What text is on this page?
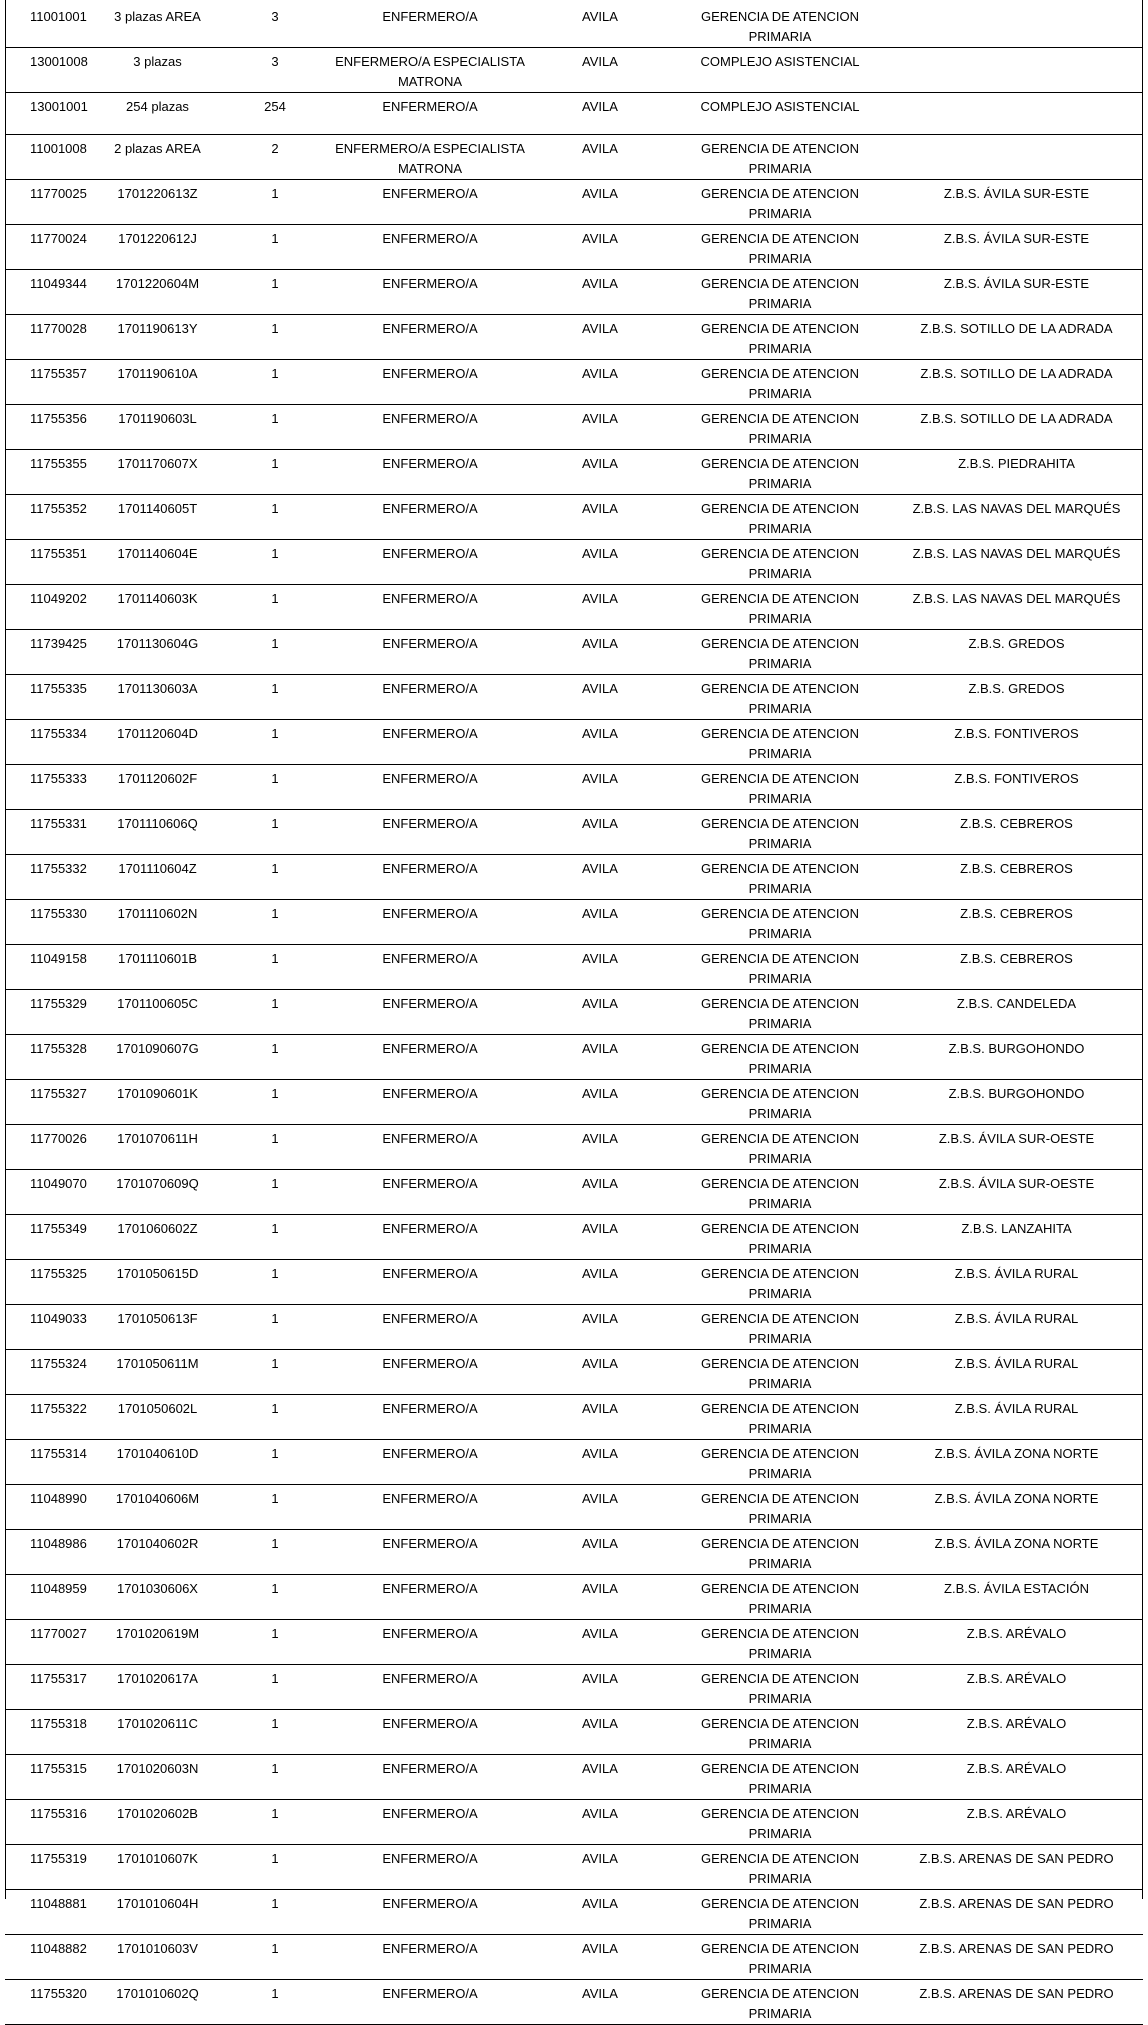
11001001	3 plazas AREA	3	ENFERMERO/A	AVILA	GERENCIA DE ATENCION PRIMARIA	
13001008	3 plazas	3	ENFERMERO/A ESPECIALISTA MATRONA	AVILA	COMPLEJO ASISTENCIAL	
13001001	254 plazas	254	ENFERMERO/A	AVILA	COMPLEJO ASISTENCIAL	
11001008	2 plazas AREA	2	ENFERMERO/A ESPECIALISTA MATRONA	AVILA	GERENCIA DE ATENCION PRIMARIA	
11770025	1701220613Z	1	ENFERMERO/A	AVILA	GERENCIA DE ATENCION PRIMARIA	Z.B.S. ÁVILA SUR-ESTE
11770024	1701220612J	1	ENFERMERO/A	AVILA	GERENCIA DE ATENCION PRIMARIA	Z.B.S. ÁVILA SUR-ESTE
11049344	1701220604M	1	ENFERMERO/A	AVILA	GERENCIA DE ATENCION PRIMARIA	Z.B.S. ÁVILA SUR-ESTE
11770028	1701190613Y	1	ENFERMERO/A	AVILA	GERENCIA DE ATENCION PRIMARIA	Z.B.S. SOTILLO DE LA ADRADA
11755357	1701190610A	1	ENFERMERO/A	AVILA	GERENCIA DE ATENCION PRIMARIA	Z.B.S. SOTILLO DE LA ADRADA
11755356	1701190603L	1	ENFERMERO/A	AVILA	GERENCIA DE ATENCION PRIMARIA	Z.B.S. SOTILLO DE LA ADRADA
11755355	1701170607X	1	ENFERMERO/A	AVILA	GERENCIA DE ATENCION PRIMARIA	Z.B.S. PIEDRAHITA
11755352	1701140605T	1	ENFERMERO/A	AVILA	GERENCIA DE ATENCION PRIMARIA	Z.B.S. LAS NAVAS DEL MARQUÉS
11755351	1701140604E	1	ENFERMERO/A	AVILA	GERENCIA DE ATENCION PRIMARIA	Z.B.S. LAS NAVAS DEL MARQUÉS
11049202	1701140603K	1	ENFERMERO/A	AVILA	GERENCIA DE ATENCION PRIMARIA	Z.B.S. LAS NAVAS DEL MARQUÉS
11739425	1701130604G	1	ENFERMERO/A	AVILA	GERENCIA DE ATENCION PRIMARIA	Z.B.S. GREDOS
11755335	1701130603A	1	ENFERMERO/A	AVILA	GERENCIA DE ATENCION PRIMARIA	Z.B.S. GREDOS
11755334	1701120604D	1	ENFERMERO/A	AVILA	GERENCIA DE ATENCION PRIMARIA	Z.B.S. FONTIVEROS
11755333	1701120602F	1	ENFERMERO/A	AVILA	GERENCIA DE ATENCION PRIMARIA	Z.B.S. FONTIVEROS
11755331	1701110606Q	1	ENFERMERO/A	AVILA	GERENCIA DE ATENCION PRIMARIA	Z.B.S. CEBREROS
11755332	1701110604Z	1	ENFERMERO/A	AVILA	GERENCIA DE ATENCION PRIMARIA	Z.B.S. CEBREROS
11755330	1701110602N	1	ENFERMERO/A	AVILA	GERENCIA DE ATENCION PRIMARIA	Z.B.S. CEBREROS
11049158	1701110601B	1	ENFERMERO/A	AVILA	GERENCIA DE ATENCION PRIMARIA	Z.B.S. CEBREROS
11755329	1701100605C	1	ENFERMERO/A	AVILA	GERENCIA DE ATENCION PRIMARIA	Z.B.S. CANDELEDA
11755328	1701090607G	1	ENFERMERO/A	AVILA	GERENCIA DE ATENCION PRIMARIA	Z.B.S. BURGOHONDO
11755327	1701090601K	1	ENFERMERO/A	AVILA	GERENCIA DE ATENCION PRIMARIA	Z.B.S. BURGOHONDO
11770026	1701070611H	1	ENFERMERO/A	AVILA	GERENCIA DE ATENCION PRIMARIA	Z.B.S. ÁVILA SUR-OESTE
11049070	1701070609Q	1	ENFERMERO/A	AVILA	GERENCIA DE ATENCION PRIMARIA	Z.B.S. ÁVILA SUR-OESTE
11755349	1701060602Z	1	ENFERMERO/A	AVILA	GERENCIA DE ATENCION PRIMARIA	Z.B.S. LANZAHITA
11755325	1701050615D	1	ENFERMERO/A	AVILA	GERENCIA DE ATENCION PRIMARIA	Z.B.S. ÁVILA RURAL
11049033	1701050613F	1	ENFERMERO/A	AVILA	GERENCIA DE ATENCION PRIMARIA	Z.B.S. ÁVILA RURAL
11755324	1701050611M	1	ENFERMERO/A	AVILA	GERENCIA DE ATENCION PRIMARIA	Z.B.S. ÁVILA RURAL
11755322	1701050602L	1	ENFERMERO/A	AVILA	GERENCIA DE ATENCION PRIMARIA	Z.B.S. ÁVILA RURAL
11755314	1701040610D	1	ENFERMERO/A	AVILA	GERENCIA DE ATENCION PRIMARIA	Z.B.S. ÁVILA ZONA NORTE
11048990	1701040606M	1	ENFERMERO/A	AVILA	GERENCIA DE ATENCION PRIMARIA	Z.B.S. ÁVILA ZONA NORTE
11048986	1701040602R	1	ENFERMERO/A	AVILA	GERENCIA DE ATENCION PRIMARIA	Z.B.S. ÁVILA ZONA NORTE
11048959	1701030606X	1	ENFERMERO/A	AVILA	GERENCIA DE ATENCION PRIMARIA	Z.B.S. ÁVILA ESTACIÓN
11770027	1701020619M	1	ENFERMERO/A	AVILA	GERENCIA DE ATENCION PRIMARIA	Z.B.S. ARÉVALO
11755317	1701020617A	1	ENFERMERO/A	AVILA	GERENCIA DE ATENCION PRIMARIA	Z.B.S. ARÉVALO
11755318	1701020611C	1	ENFERMERO/A	AVILA	GERENCIA DE ATENCION PRIMARIA	Z.B.S. ARÉVALO
11755315	1701020603N	1	ENFERMERO/A	AVILA	GERENCIA DE ATENCION PRIMARIA	Z.B.S. ARÉVALO
11755316	1701020602B	1	ENFERMERO/A	AVILA	GERENCIA DE ATENCION PRIMARIA	Z.B.S. ARÉVALO
11755319	1701010607K	1	ENFERMERO/A	AVILA	GERENCIA DE ATENCION PRIMARIA	Z.B.S. ARENAS DE SAN PEDRO
11048881	1701010604H	1	ENFERMERO/A	AVILA	GERENCIA DE ATENCION PRIMARIA	Z.B.S. ARENAS DE SAN PEDRO
11048882	1701010603V	1	ENFERMERO/A	AVILA	GERENCIA DE ATENCION PRIMARIA	Z.B.S. ARENAS DE SAN PEDRO
11755320	1701010602Q	1	ENFERMERO/A	AVILA	GERENCIA DE ATENCION PRIMARIA	Z.B.S. ARENAS DE SAN PEDRO
